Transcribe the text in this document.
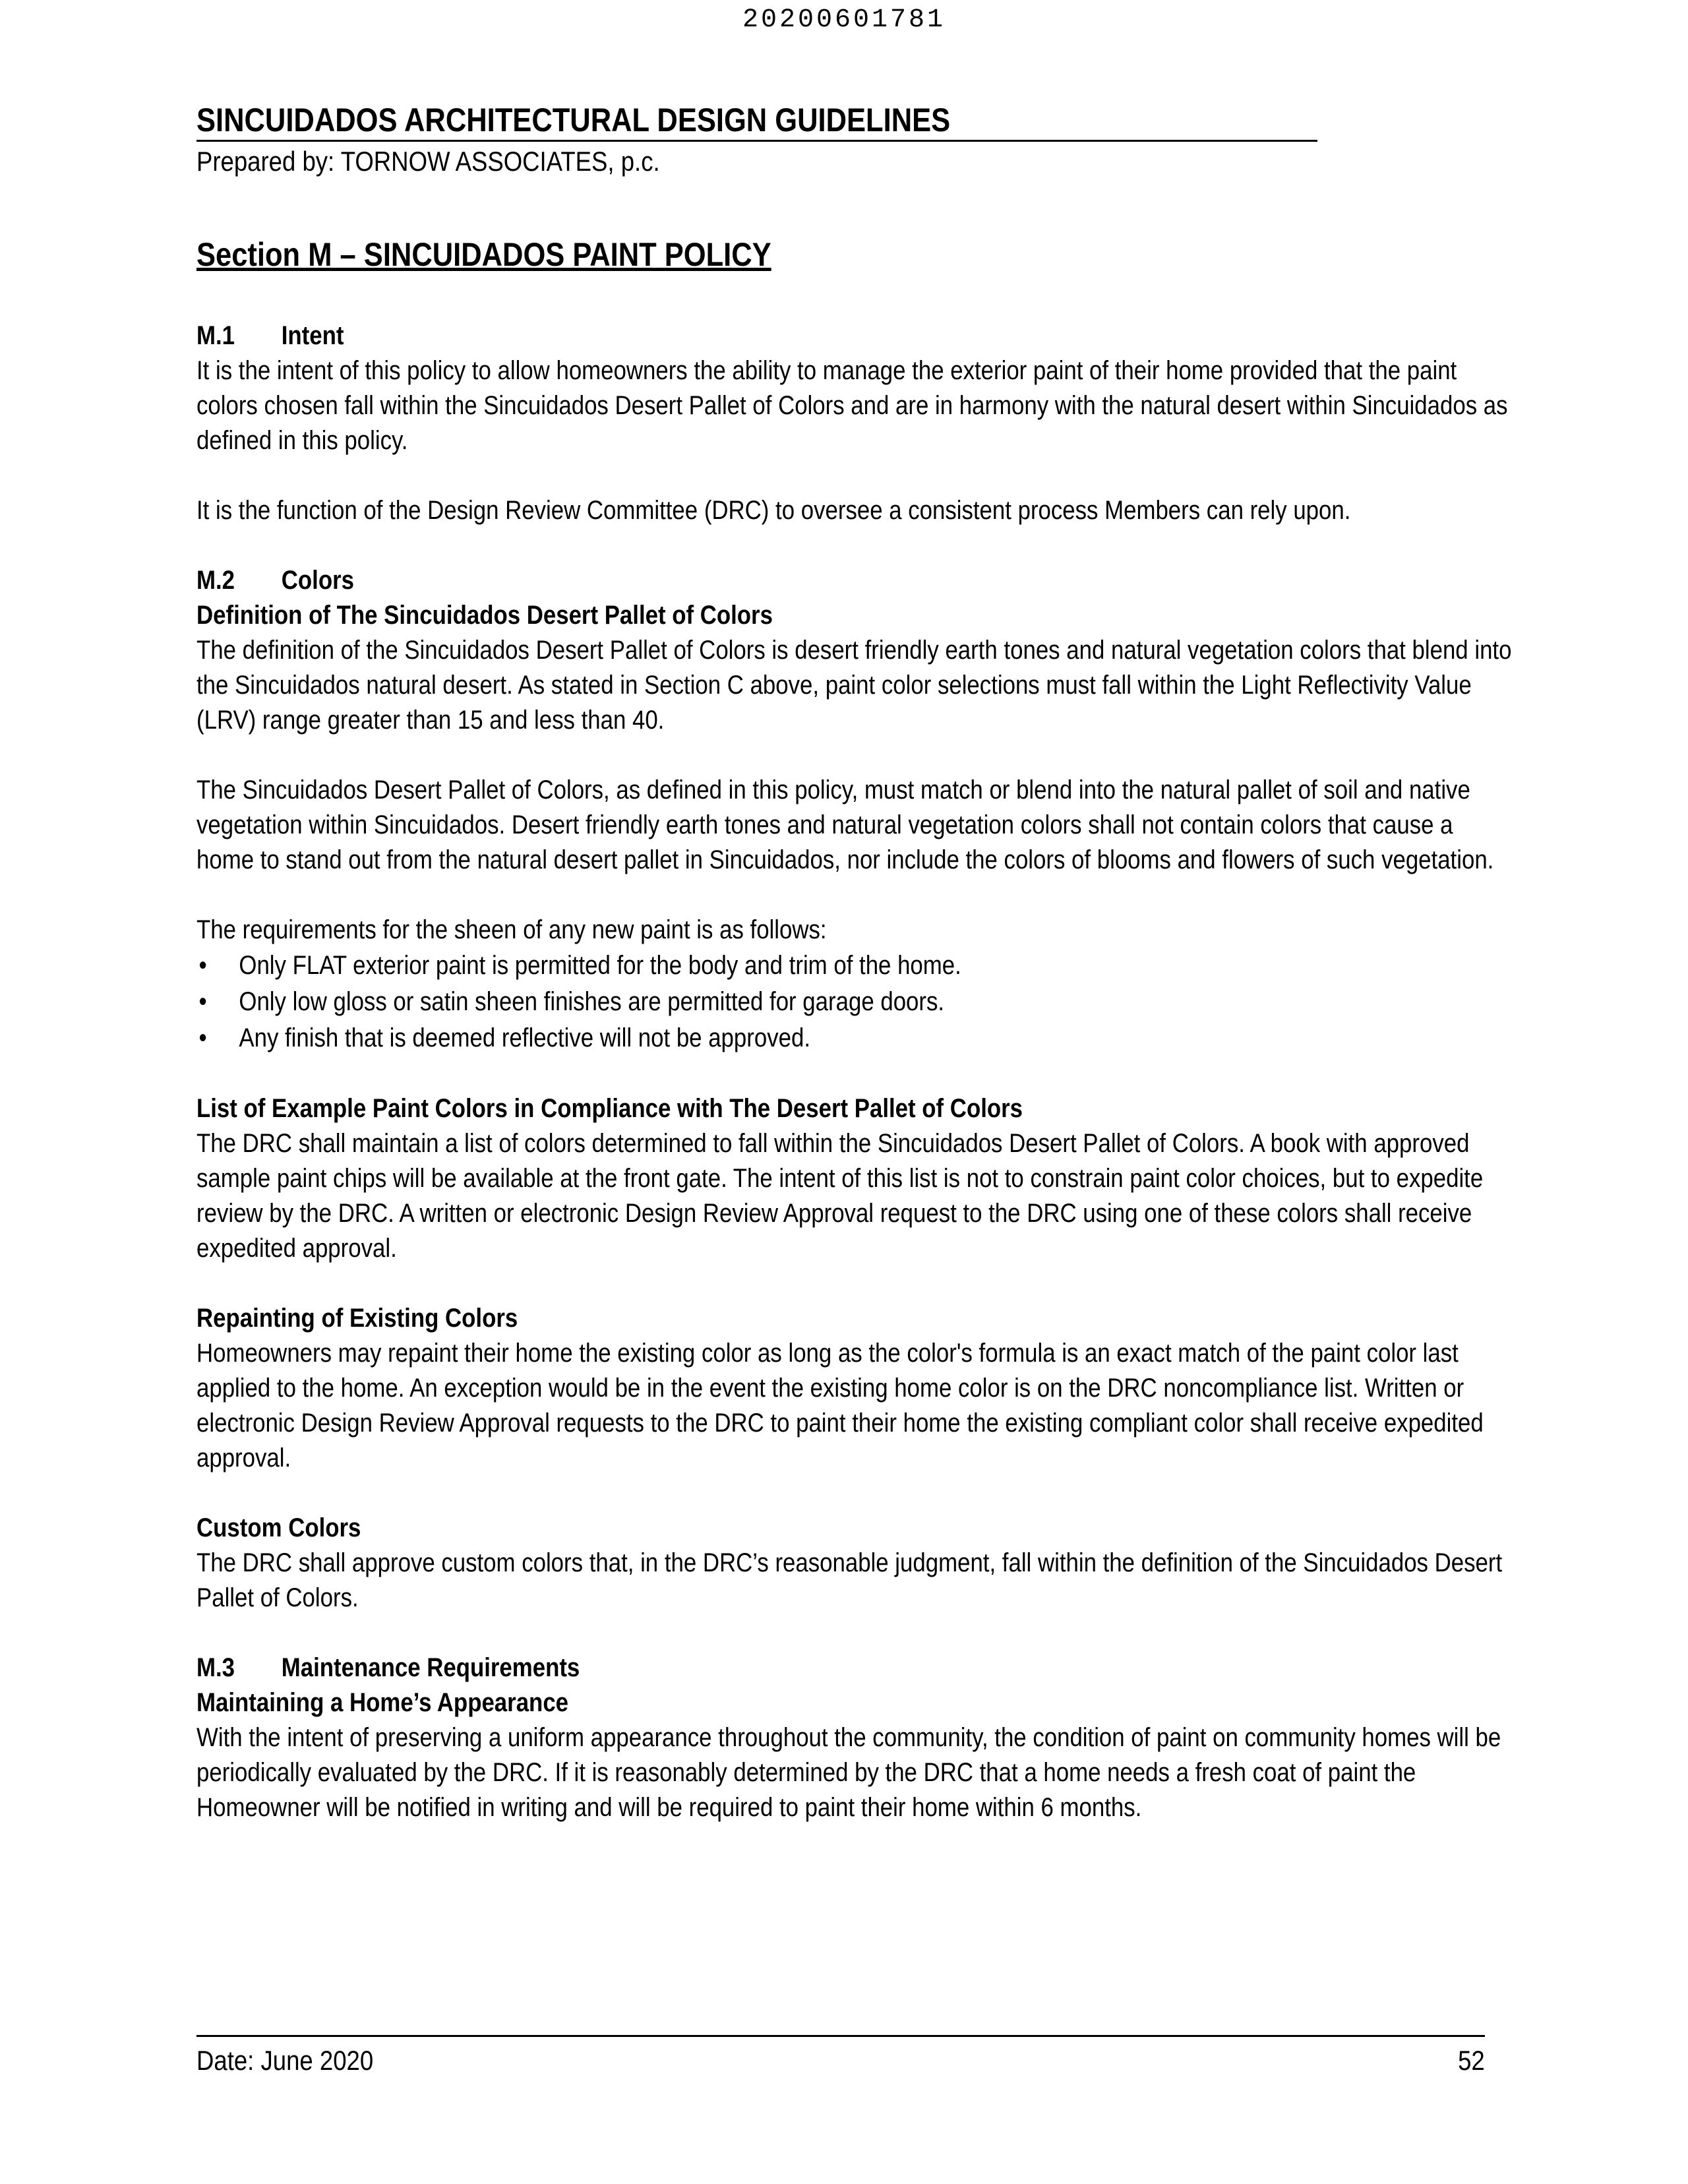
20200601781
SINCUIDADOS ARCHITECTURAL DESIGN GUIDELINES
Prepared by: TORNOW ASSOCIATES, p.c.
Section M – SINCUIDADOS PAINT POLICY
M.1 Intent

It is the intent of this policy to allow homeowners the ability to manage the exterior paint of their home provided that the paint colors chosen fall within the Sincuidados Desert Pallet of Colors and are in harmony with the natural desert within Sincuidados as defined in this policy.

It is the function of the Design Review Committee (DRC) to oversee a consistent process Members can rely upon.

M.2 Colors
Definition of The Sincuidados Desert Pallet of Colors

The definition of the Sincuidados Desert Pallet of Colors is desert friendly earth tones and natural vegetation colors that blend into the Sincuidados natural desert. As stated in Section C above, paint color selections must fall within the Light Reflectivity Value (LRV) range greater than 15 and less than 40.

The Sincuidados Desert Pallet of Colors, as defined in this policy, must match or blend into the natural pallet of soil and native vegetation within Sincuidados. Desert friendly earth tones and natural vegetation colors shall not contain colors that cause a home to stand out from the natural desert pallet in Sincuidados, nor include the colors of blooms and flowers of such vegetation.

The requirements for the sheen of any new paint is as follows:

• Only FLAT exterior paint is permitted for the body and trim of the home.
• Only low gloss or satin sheen finishes are permitted for garage doors.
• Any finish that is deemed reflective will not be approved.
List of Example Paint Colors in Compliance with The Desert Pallet of Colors

The DRC shall maintain a list of colors determined to fall within the Sincuidados Desert Pallet of Colors. A book with approved sample paint chips will be available at the front gate. The intent of this list is not to constrain paint color choices, but to expedite review by the DRC. A written or electronic Design Review Approval request to the DRC using one of these colors shall receive expedited approval.

Repainting of Existing Colors

Homeowners may repaint their home the existing color as long as the color's formula is an exact match of the paint color last applied to the home. An exception would be in the event the existing home color is on the DRC noncompliance list. Written or electronic Design Review Approval requests to the DRC to paint their home the existing compliant color shall receive expedited approval.

Custom Colors

The DRC shall approve custom colors that, in the DRC’s reasonable judgment, fall within the definition of the Sincuidados Desert Pallet of Colors.

M.3 Maintenance Requirements
Maintaining a Home’s Appearance

With the intent of preserving a uniform appearance throughout the community, the condition of paint on community homes will be periodically evaluated by the DRC. If it is reasonably determined by the DRC that a home needs a fresh coat of paint the Homeowner will be notified in writing and will be required to paint their home within 6 months.

Date: June 2020	52
